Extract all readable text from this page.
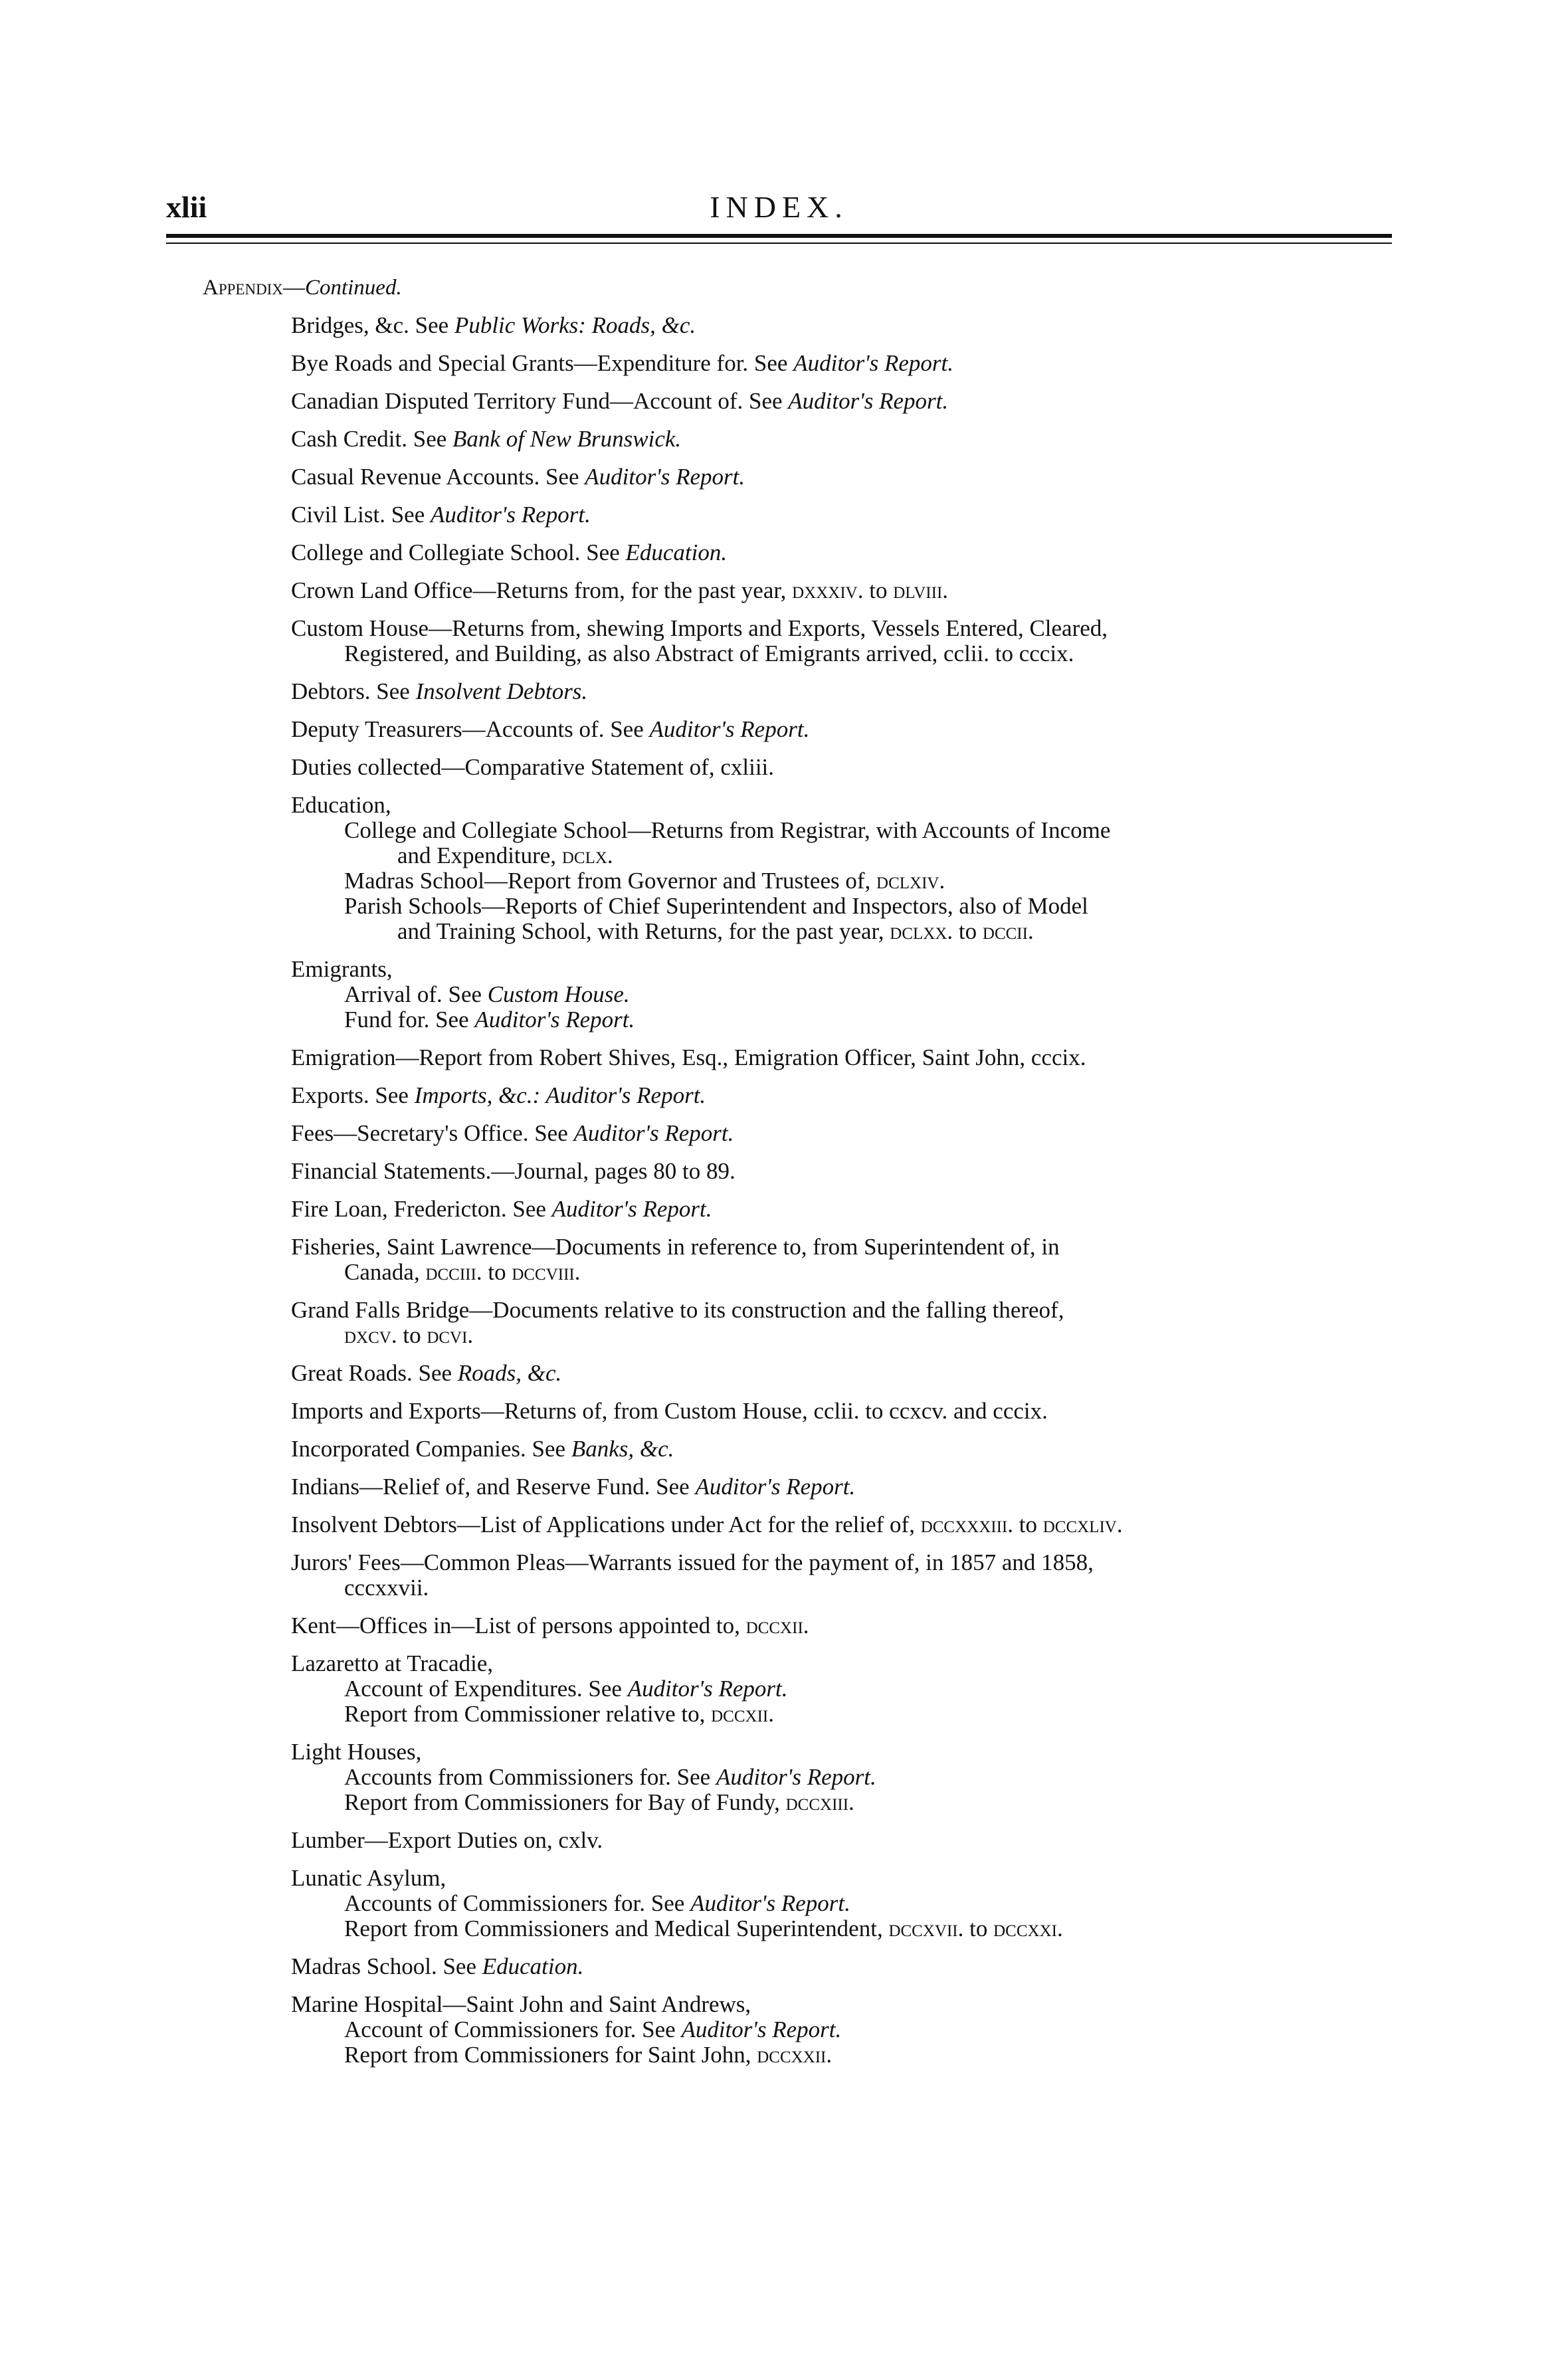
xlii	INDEX.
Appendix—Continued.
Bridges, &c. See Public Works: Roads, &c.
Bye Roads and Special Grants—Expenditure for. See Auditor's Report.
Canadian Disputed Territory Fund—Account of. See Auditor's Report.
Cash Credit. See Bank of New Brunswick.
Casual Revenue Accounts. See Auditor's Report.
Civil List. See Auditor's Report.
College and Collegiate School. See Education.
Crown Land Office—Returns from, for the past year, dxxxiv. to dlviii.
Custom House—Returns from, shewing Imports and Exports, Vessels Entered, Cleared,
Registered, and Building, as also Abstract of Emigrants arrived, cclii. to cccix.
Debtors. See Insolvent Debtors.
Deputy Treasurers—Accounts of. See Auditor's Report.
Duties collected—Comparative Statement of, cxliii.
Education,
College and Collegiate School—Returns from Registrar, with Accounts of Income
and Expenditure, dclx.
Madras School—Report from Governor and Trustees of, dclxiv.
Parish Schools—Reports of Chief Superintendent and Inspectors, also of Model
and Training School, with Returns, for the past year, dclxx. to dccii.
Emigrants,
Arrival of. See Custom House.
Fund for. See Auditor's Report.
Emigration—Report from Robert Shives, Esq., Emigration Officer, Saint John, cccix.
Exports. See Imports, &c.: Auditor's Report.
Fees—Secretary's Office. See Auditor's Report.
Financial Statements.—Journal, pages 80 to 89.
Fire Loan, Fredericton. See Auditor's Report.
Fisheries, Saint Lawrence—Documents in reference to, from Superintendent of, in
Canada, dcciii. to dccviii.
Grand Falls Bridge—Documents relative to its construction and the falling thereof,
dxcv. to dcvi.
Great Roads. See Roads, &c.
Imports and Exports—Returns of, from Custom House, cclii. to ccxcv. and cccix.
Incorporated Companies. See Banks, &c.
Indians—Relief of, and Reserve Fund. See Auditor's Report.
Insolvent Debtors—List of Applications under Act for the relief of, dccxxxiii. to dccxliv.
Jurors' Fees—Common Pleas—Warrants issued for the payment of, in 1857 and 1858,
cccxxvii.
Kent—Offices in—List of persons appointed to, dccxii.
Lazaretto at Tracadie,
Account of Expenditures. See Auditor's Report.
Report from Commissioner relative to, dccxii.
Light Houses,
Accounts from Commissioners for. See Auditor's Report.
Report from Commissioners for Bay of Fundy, dccxiii.
Lumber—Export Duties on, cxlv.
Lunatic Asylum,
Accounts of Commissioners for. See Auditor's Report.
Report from Commissioners and Medical Superintendent, dccxvii. to dccxxi.
Madras School. See Education.
Marine Hospital—Saint John and Saint Andrews,
Account of Commissioners for. See Auditor's Report.
Report from Commissioners for Saint John, dccxxii.
